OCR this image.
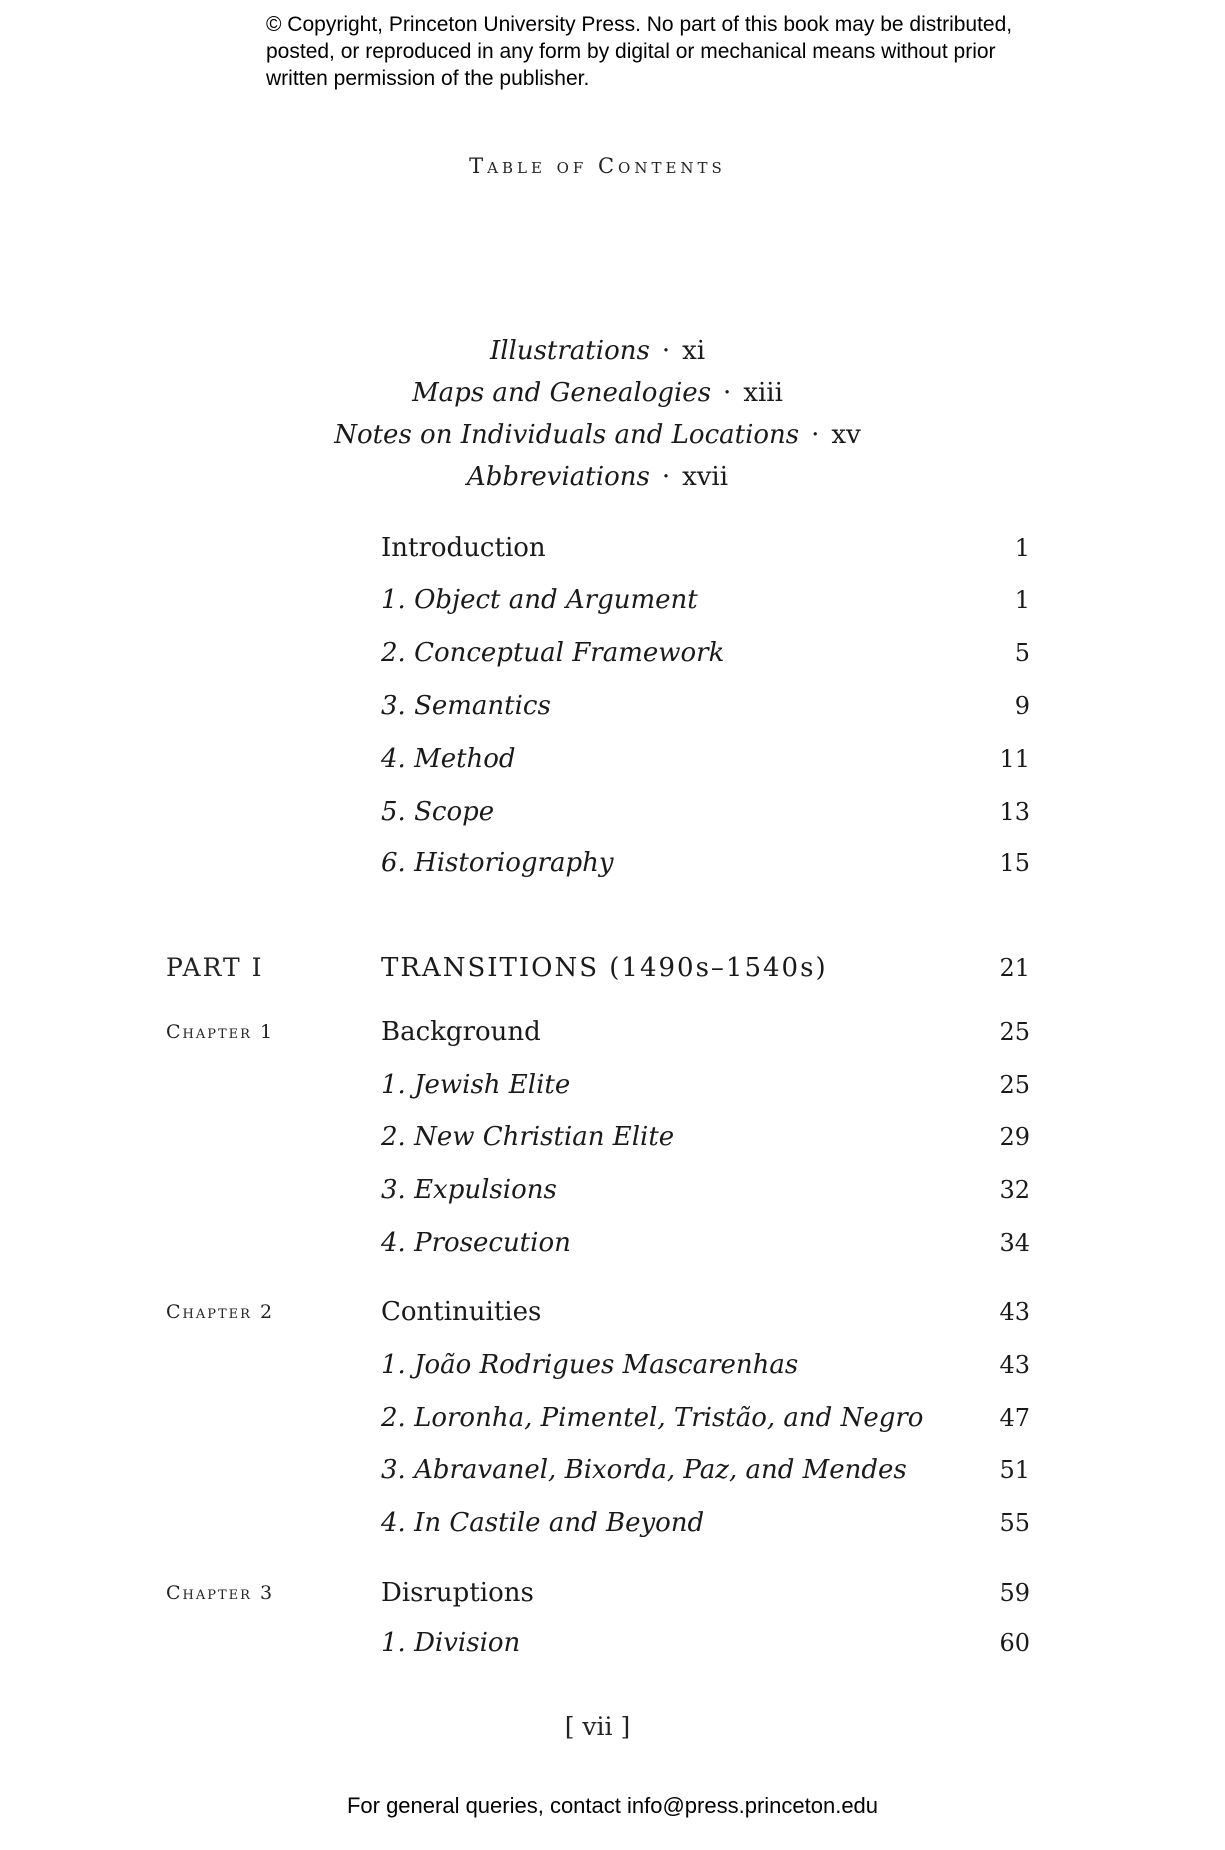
© Copyright, Princeton University Press. No part of this book may be distributed, posted, or reproduced in any form by digital or mechanical means without prior written permission of the publisher.
Table of Contents
Illustrations · xi
Maps and Genealogies · xiii
Notes on Individuals and Locations · xv
Abbreviations · xvii
Introduction	1
1. Object and Argument	1
2. Conceptual Framework	5
3. Semantics	9
4. Method	11
5. Scope	13
6. Historiography	15
PART I	TRANSITIONS (1490s–1540s)	21
Chapter 1	Background	25
1. Jewish Elite	25
2. New Christian Elite	29
3. Expulsions	32
4. Prosecution	34
Chapter 2	Continuities	43
1. João Rodrigues Mascarenhas	43
2. Loronha, Pimentel, Tristão, and Negro	47
3. Abravanel, Bixorda, Paz, and Mendes	51
4. In Castile and Beyond	55
Chapter 3	Disruptions	59
1. Division	60
[ vii ]
For general queries, contact info@press.princeton.edu
